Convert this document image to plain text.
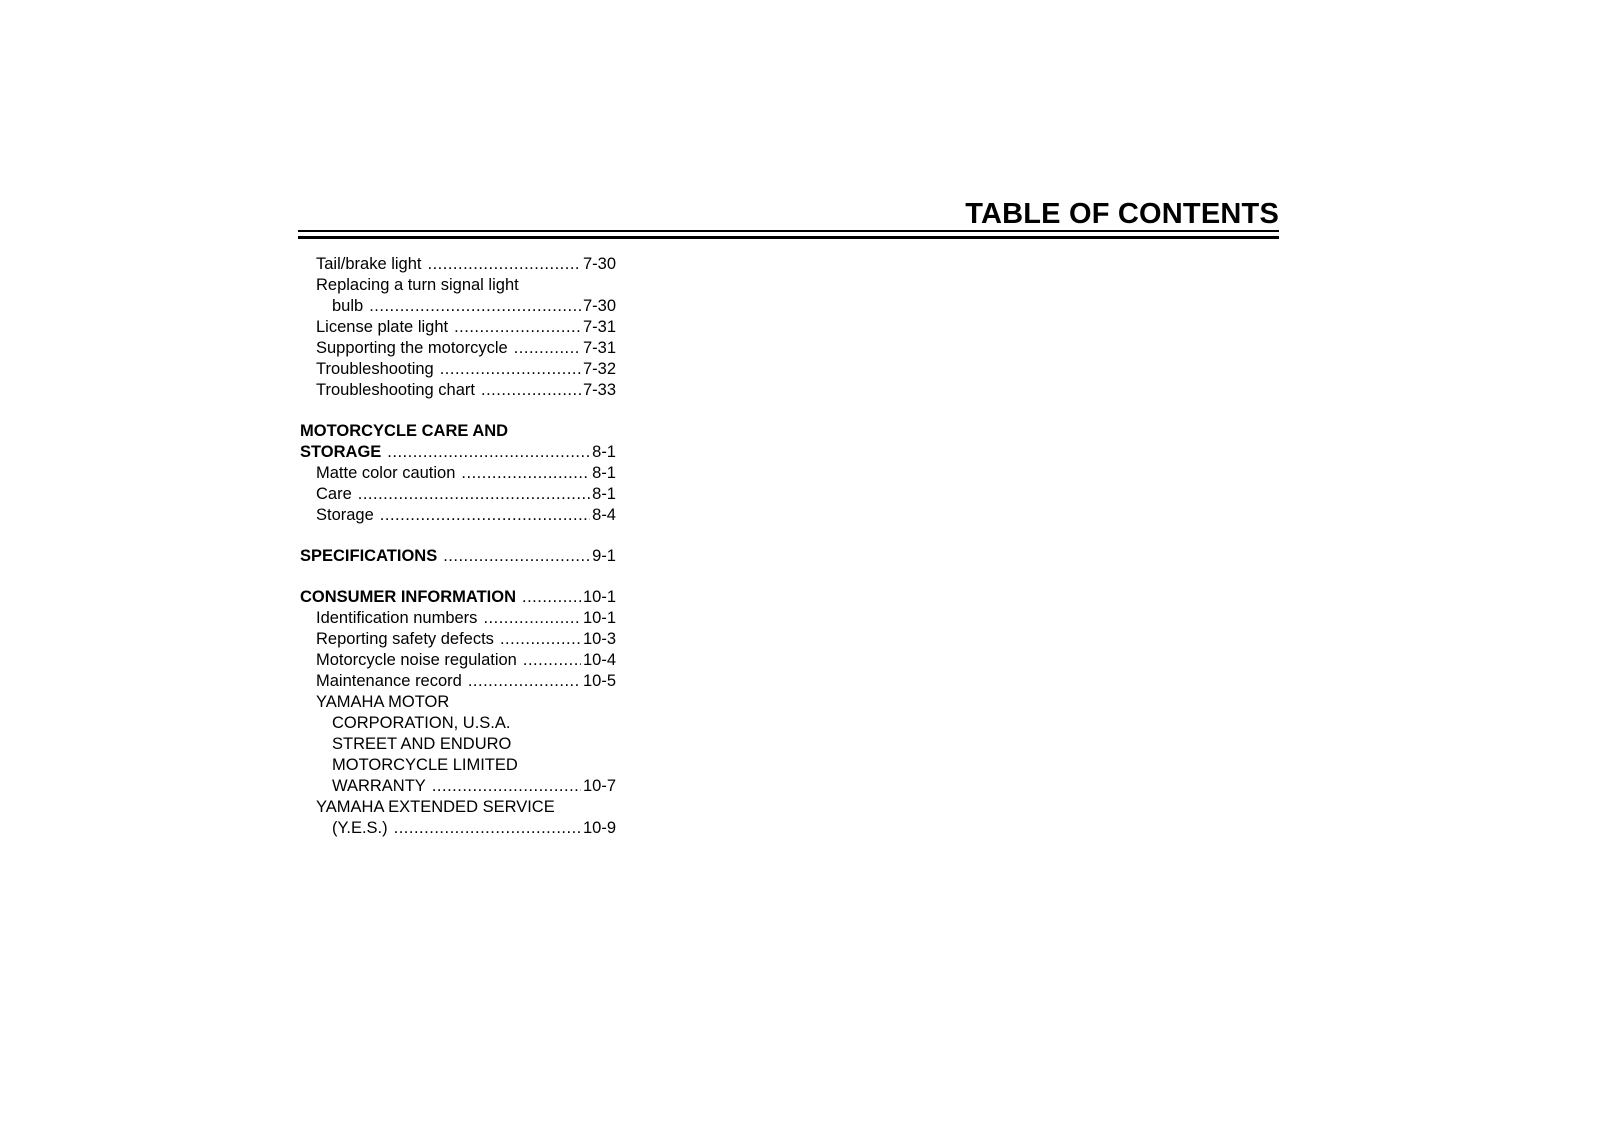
TABLE OF CONTENTS
Tail/brake light .....	7-30
Replacing a turn signal light
bulb .....	7-30
License plate light .....	7-31
Supporting the motorcycle .....	7-31
Troubleshooting .....	7-32
Troubleshooting chart .....	7-33
MOTORCYCLE CARE AND
STORAGE .....	8-1
Matte color caution .....	8-1
Care .....	8-1
Storage .....	8-4
SPECIFICATIONS .....	9-1
CONSUMER INFORMATION .....	10-1
Identification numbers .....	10-1
Reporting safety defects .....	10-3
Motorcycle noise regulation .....	10-4
Maintenance record .....	10-5
YAMAHA MOTOR
CORPORATION, U.S.A.
STREET AND ENDURO
MOTORCYCLE LIMITED
WARRANTY .....	10-7
YAMAHA EXTENDED SERVICE
(Y.E.S.) .....	10-9
